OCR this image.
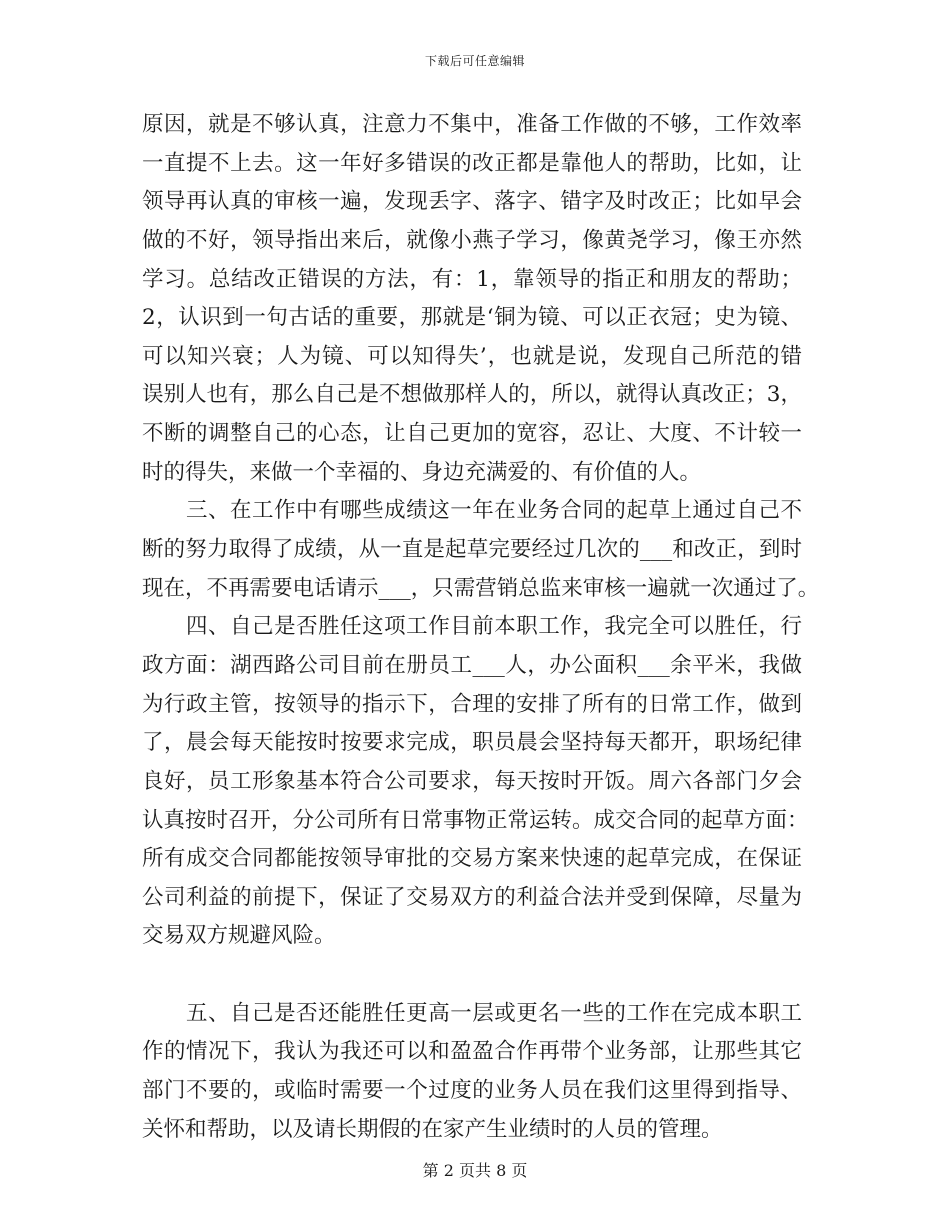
下载后可任意编辑
原因，就是不够认真，注意力不集中，准备工作做的不够，工作效率
一直提不上去。这一年好多错误的改正都是靠他人的帮助，比如，让
领导再认真的审核一遍，发现丢字、落字、错字及时改正；比如早会
做的不好，领导指出来后，就像小燕子学习，像黄尧学习，像王亦然
学习。总结改正错误的方法，有：1，靠领导的指正和朋友的帮助；
2，认识到一句古话的重要，那就是‘铜为镜、可以正衣冠；史为镜、
可以知兴衰；人为镜、可以知得失’，也就是说，发现自己所范的错
误别人也有，那么自己是不想做那样人的，所以，就得认真改正；3，
不断的调整自己的心态，让自己更加的宽容，忍让、大度、不计较一
时的得失，来做一个幸福的、身边充满爱的、有价值的人。
三、在工作中有哪些成绩这一年在业务合同的起草上通过自己不
断的努力取得了成绩，从一直是起草完要经过几次的___和改正，到时
现在，不再需要电话请示___，只需营销总监来审核一遍就一次通过了。
四、自己是否胜任这项工作目前本职工作，我完全可以胜任，行
政方面：湖西路公司目前在册员工___人，办公面积___余平米，我做
为行政主管，按领导的指示下，合理的安排了所有的日常工作，做到
了，晨会每天能按时按要求完成，职员晨会坚持每天都开，职场纪律
良好，员工形象基本符合公司要求，每天按时开饭。周六各部门夕会
认真按时召开，分公司所有日常事物正常运转。成交合同的起草方面：
所有成交合同都能按领导审批的交易方案来快速的起草完成，在保证
公司利益的前提下，保证了交易双方的利益合法并受到保障，尽量为
交易双方规避风险。
五、自己是否还能胜任更高一层或更名一些的工作在完成本职工
作的情况下，我认为我还可以和盈盈合作再带个业务部，让那些其它
部门不要的，或临时需要一个过度的业务人员在我们这里得到指导、
关怀和帮助，以及请长期假的在家产生业绩时的人员的管理。
第 2 页共 8 页
